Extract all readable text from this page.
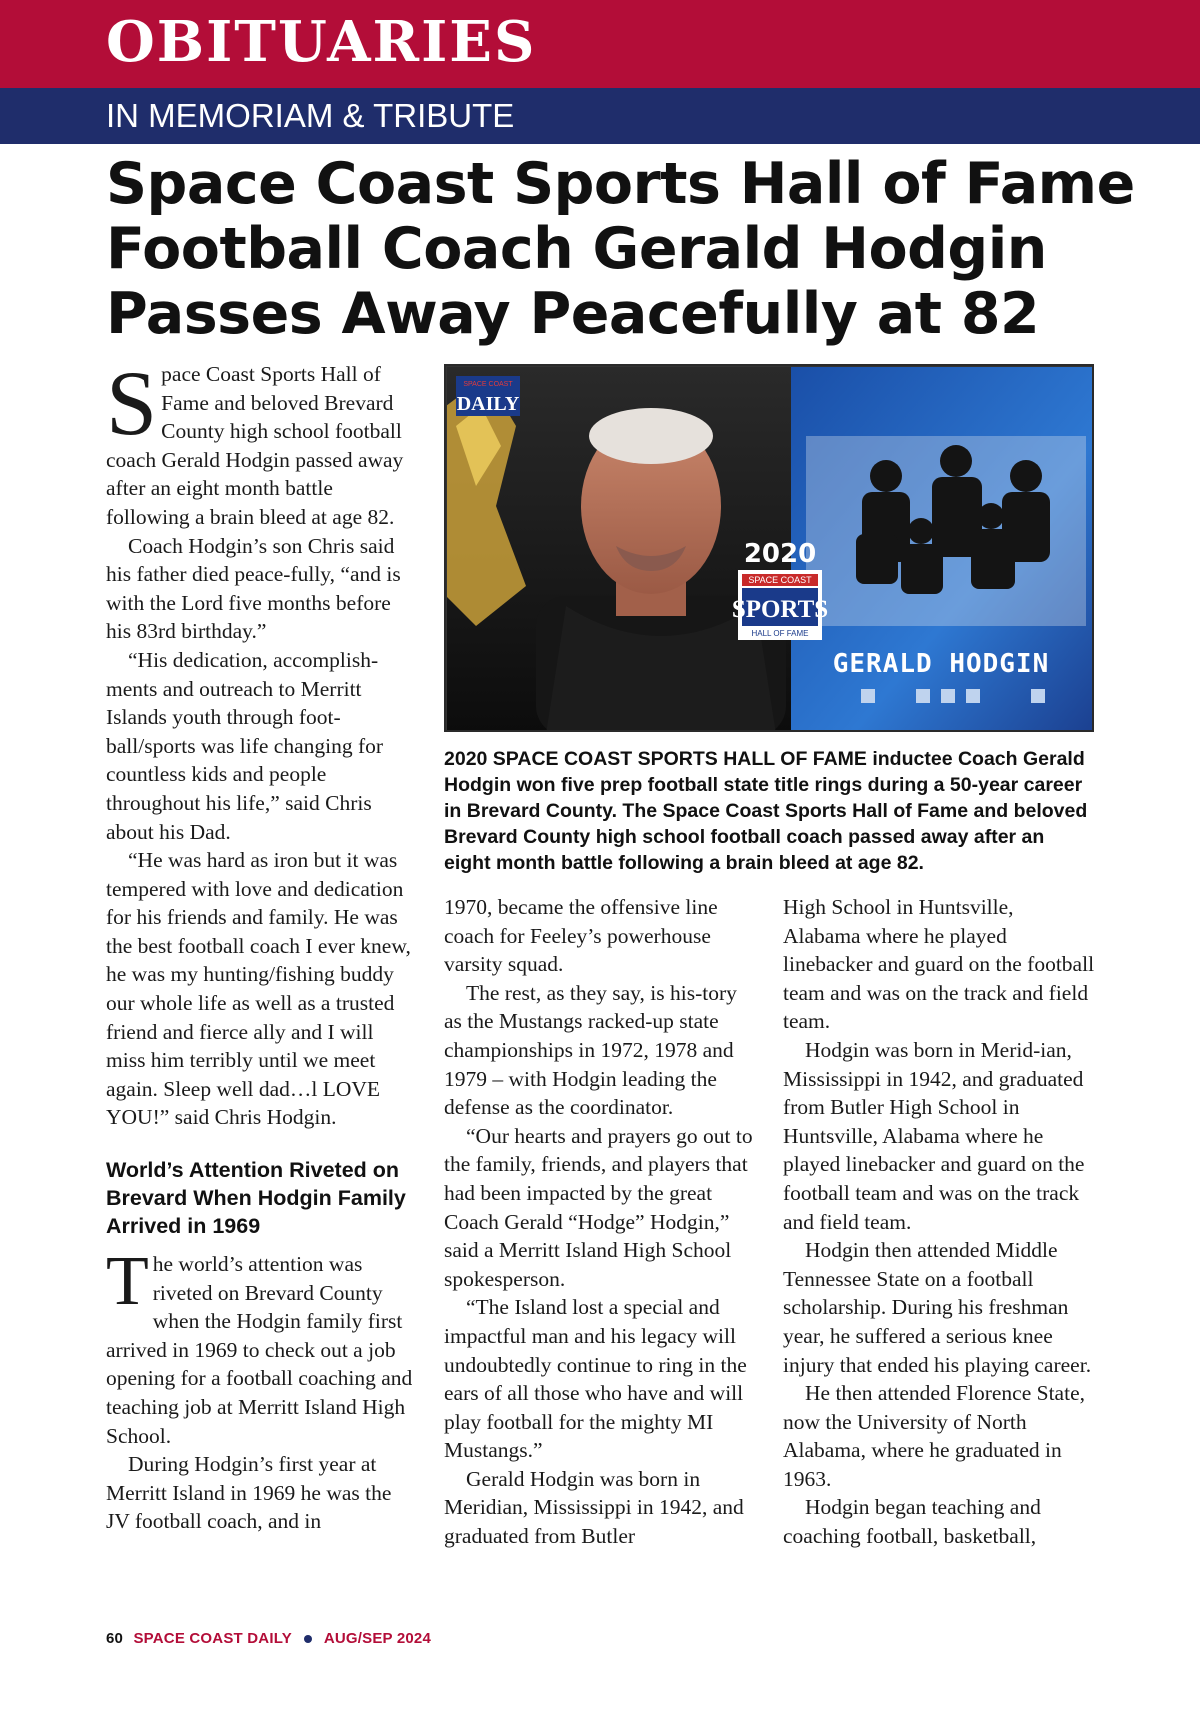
OBITUARIES
IN MEMORIAM & TRIBUTE
Space Coast Sports Hall of Fame
Football Coach Gerald Hodgin
Passes Away Peacefully at 82

Space Coast Sports Hall of Fame and beloved Brevard County high school football coach Gerald Hodgin passed away after an eight month battle following a brain bleed at age 82.

Coach Hodgin’s son Chris said his father died peace-fully, “and is with the Lord five months before his 83rd birthday.”

“His dedication, accomplish-ments and outreach to Merritt Islands youth through foot-ball/sports was life changing for countless kids and people throughout his life,” said Chris about his Dad.

“He was hard as iron but it was tempered with love and dedication for his friends and family. He was the best football coach I ever knew, he was my hunting/fishing buddy our whole life as well as a trusted friend and fierce ally and I will miss him terribly until we meet again. Sleep well dad…l LOVE YOU!” said Chris Hodgin.

World’s Attention Riveted on Brevard When Hodgin Family Arrived in 1969

The world’s attention was riveted on Brevard County when the Hodgin family first arrived in 1969 to check out a job opening for a football coaching and teaching job at Merritt Island High School.

During Hodgin’s first year at Merritt Island in 1969 he was the JV football coach, and in

SPACE COAST
DAILY
2020
SPACE COAST
SPORTS
HALL OF FAME
GERALD HODGIN
2020 SPACE COAST SPORTS HALL OF FAME inductee Coach Gerald Hodgin won five prep football state title rings during a 50-year career in Brevard County. The Space Coast Sports Hall of Fame and beloved Brevard County high school football coach passed away after an eight month battle following a brain bleed at age 82.

1970, became the offensive line coach for Feeley’s powerhouse varsity squad.

The rest, as they say, is his-tory as the Mustangs racked-up state championships in 1972, 1978 and 1979 – with Hodgin leading the defense as the coordinator.

“Our hearts and prayers go out to the family, friends, and players that had been impacted by the great Coach Gerald “Hodge” Hodgin,” said a Merritt Island High School spokesperson.

“The Island lost a special and impactful man and his legacy will undoubtedly continue to ring in the ears of all those who have and will play football for the mighty MI Mustangs.”

Gerald Hodgin was born in Meridian, Mississippi in 1942, and graduated from Butler

High School in Huntsville, Alabama where he played linebacker and guard on the football team and was on the track and field team.

Hodgin was born in Merid-ian, Mississippi in 1942, and graduated from Butler High School in Huntsville, Alabama where he played linebacker and guard on the football team and was on the track and field team.

Hodgin then attended Middle Tennessee State on a football scholarship. During his freshman year, he suffered a serious knee injury that ended his playing career.

He then attended Florence State, now the University of North Alabama, where he graduated in 1963.

Hodgin began teaching and coaching football, basketball,

60 SPACE COAST DAILY AUG/SEP 2024
